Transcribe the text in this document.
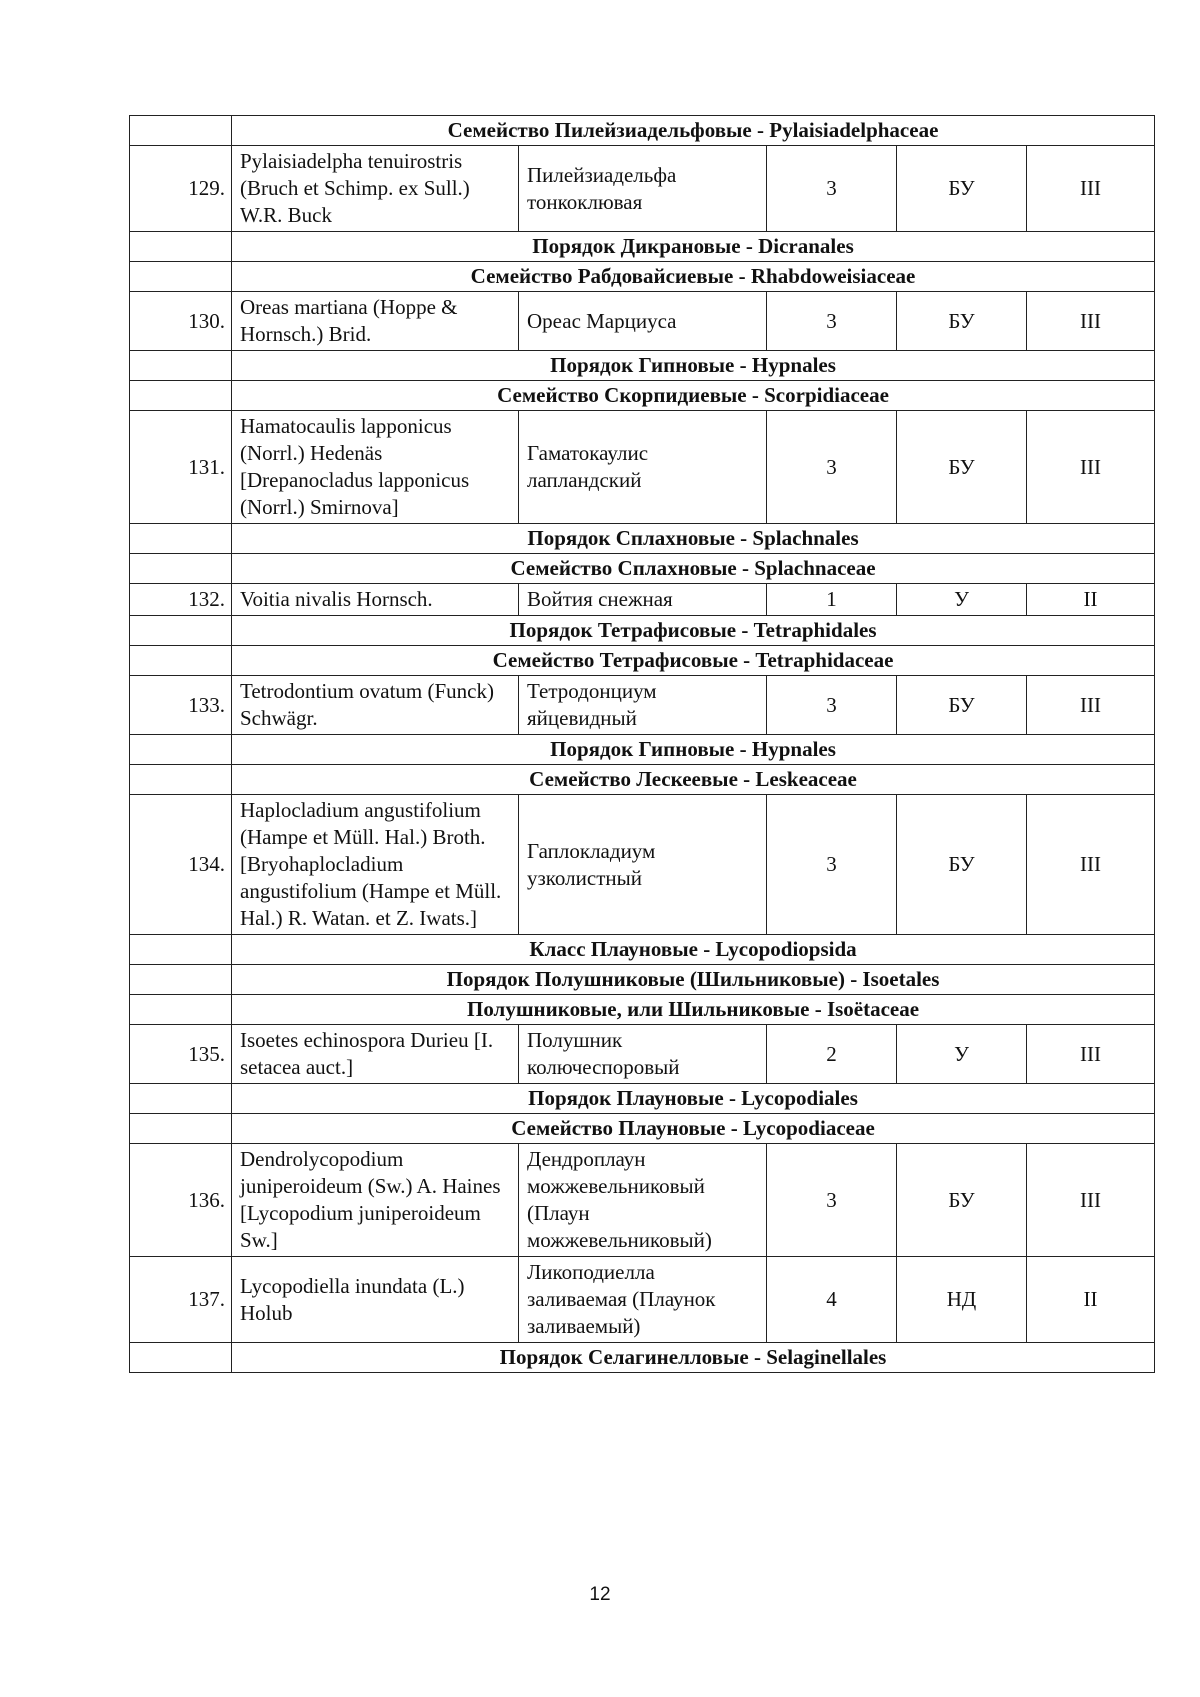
	Семейство Пилейзиадельфовые - Pylaisiadelphaceae				
129.	Pylaisiadelpha tenuirostris (Bruch et Schimp. ex Sull.) W.R. Buck	Пилейзиадельфа тонкоклювая	3	БУ	III
	Порядок Дикрановые - Dicranales				
	Семейство Рабдовайсиевые - Rhabdoweisiaceae				
130.	Oreas martiana (Hoppe & Hornsch.) Brid.	Ореас Марциуса	3	БУ	III
	Порядок Гипновые - Hypnales				
	Семейство Скорпидиевые - Scorpidiaceae				
131.	Hamatocaulis lapponicus (Norrl.) Hedenäs [Drepanocladus lapponicus (Norrl.) Smirnova]	Гаматокаулис лапландский	3	БУ	III
	Порядок Сплахновые - Splachnales				
	Семейство Сплахновые - Splachnaceae				
132.	Voitia nivalis Hornsch.	Войтия снежная	1	У	II
	Порядок Тетрафисовые - Tetraphidales				
	Семейство Тетрафисовые - Tetraphidaceae				
133.	Tetrodontium ovatum (Funck) Schwägr.	Тетродонциум яйцевидный	3	БУ	III
	Порядок Гипновые - Hypnales				
	Семейство Лескеевые - Leskeaceae				
134.	Haplocladium angustifolium (Hampe et Müll. Hal.) Broth. [Bryohaplocladium angustifolium (Hampe et Müll. Hal.) R. Watan. et Z. Iwats.]	Гаплокладиум узколистный	3	БУ	III
	Класс Плауновые - Lycopodiopsida				
	Порядок Полушниковые (Шильниковые) - Isoetales				
	Полушниковые, или Шильниковые - Isoëtaceae				
135.	Isoetes echinospora Durieu [I. setacea auct.]	Полушник колючеспоровый	2	У	III
	Порядок Плауновые - Lycopodiales				
	Семейство Плауновые - Lycopodiaceae				
136.	Dendrolycopodium juniperoideum (Sw.) A. Haines [Lycopodium juniperoideum Sw.]	Дендроплаун можжевельниковый (Плаун можжевельниковый)	3	БУ	III
137.	Lycopodiella inundata (L.) Holub	Ликоподиелла заливаемая (Плаунок заливаемый)	4	НД	II
	Порядок Селагинелловые - Selaginellales				
12
